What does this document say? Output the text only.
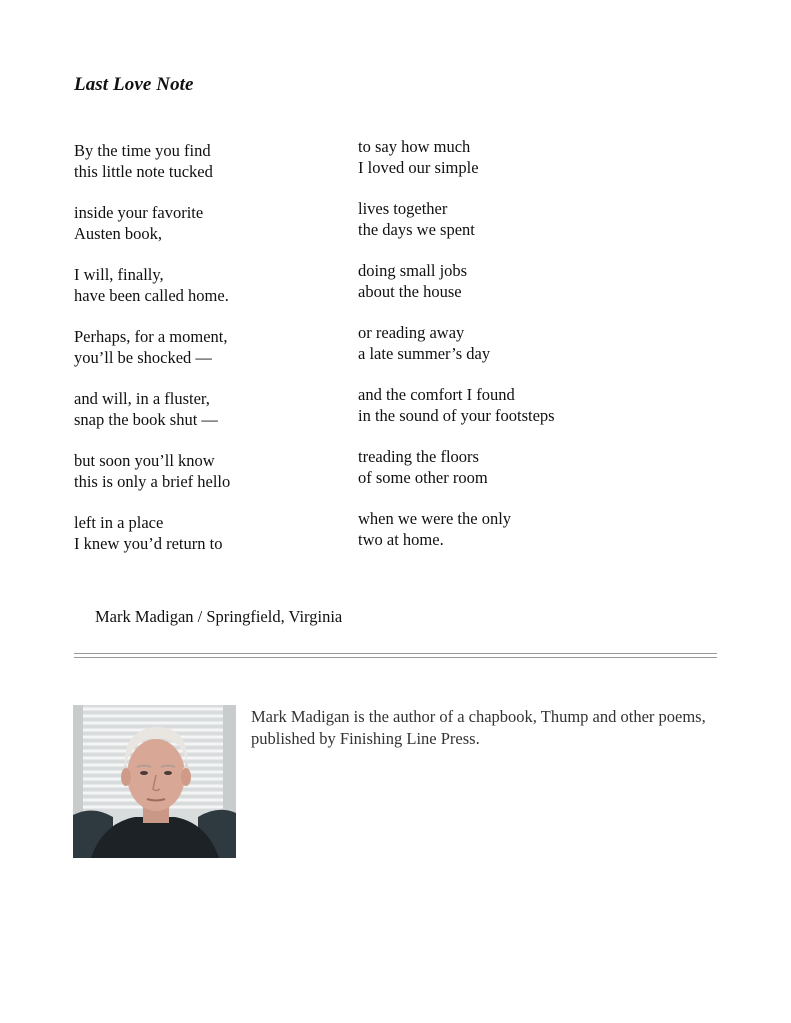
Last Love Note
By the time you find
this little note tucked
inside your favorite
Austen book,
I will, finally,
have been called home.
Perhaps, for a moment,
you’ll be shocked —
and will, in a fluster,
snap the book shut —
but soon you’ll know
this is only a brief hello
left in a place
I knew you’d return to
to say how much
I loved our simple
lives together
the days we spent
doing small jobs
about the house
or reading away
a late summer’s day
and the comfort I found
in the sound of your footsteps
treading the floors
of some other room
when we were the only
two at home.
Mark Madigan / Springfield, Virginia
Mark Madigan is the author of a chapbook, Thump and other poems, published by Finishing Line Press.
